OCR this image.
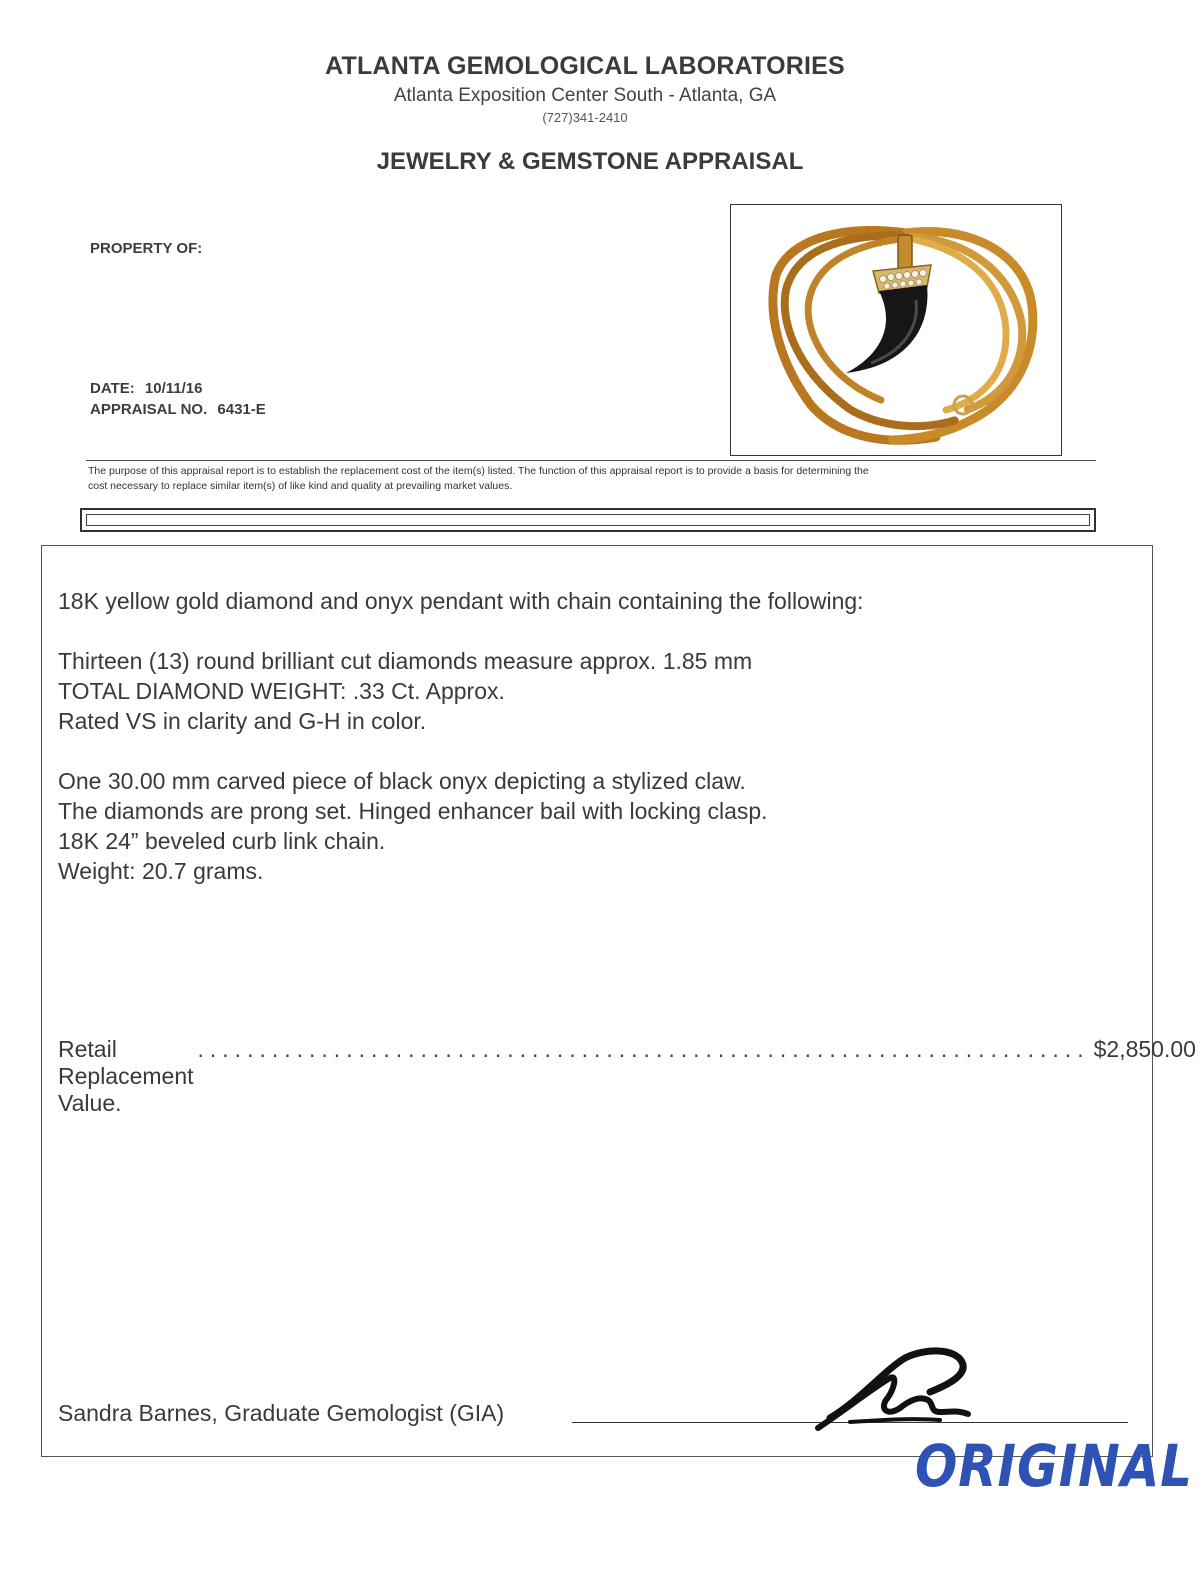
ATLANTA GEMOLOGICAL LABORATORIES
Atlanta Exposition Center South - Atlanta, GA
(727)341-2410
JEWELRY & GEMSTONE APPRAISAL
PROPERTY OF:
DATE: 10/11/16
APPRAISAL NO. 6431-E
The purpose of this appraisal report is to establish the replacement cost of the item(s) listed. The function of this appraisal report is to provide a basis for determining the
cost necessary to replace similar item(s) of like kind and quality at prevailing market values.
18K yellow gold diamond and onyx pendant with chain containing the following:
Thirteen (13) round brilliant cut diamonds measure approx. 1.85 mm
TOTAL DIAMOND WEIGHT: .33 Ct. Approx.
Rated VS in clarity and G-H in color.
One 30.00 mm carved piece of black onyx depicting a stylized claw.
The diamonds are prong set. Hinged enhancer bail with locking clasp.
18K 24” beveled curb link chain.
Weight: 20.7 grams.
Retail Replacement Value.
........................................................................ $2,850.00
Sandra Barnes, Graduate Gemologist (GIA)
ORIGINAL
